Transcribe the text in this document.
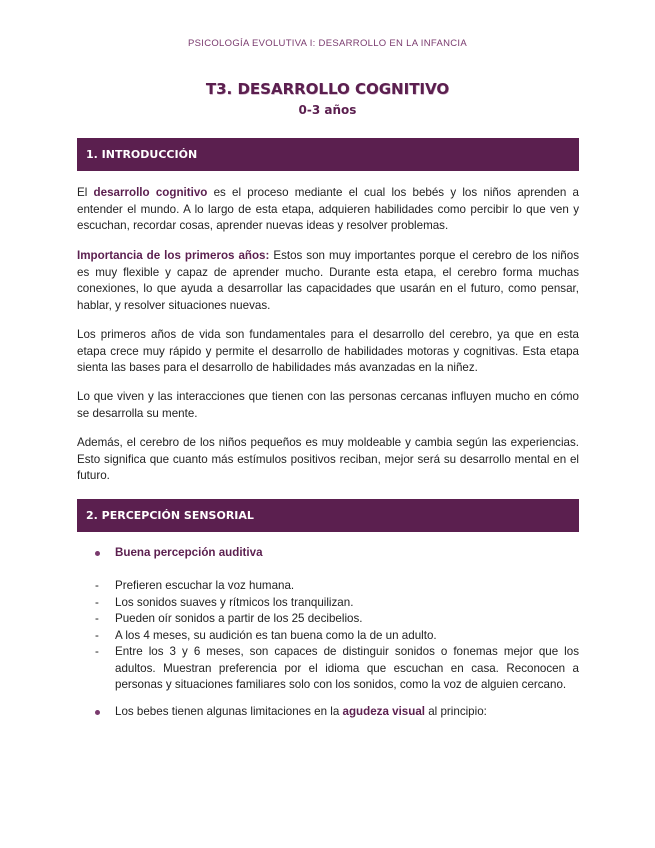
PSICOLOGÍA EVOLUTIVA I: DESARROLLO EN LA INFANCIA
T3. DESARROLLO COGNITIVO
0-3 años
1. INTRODUCCIÓN

El desarrollo cognitivo es el proceso mediante el cual los bebés y los niños aprenden a entender el mundo. A lo largo de esta etapa, adquieren habilidades como percibir lo que ven y escuchan, recordar cosas, aprender nuevas ideas y resolver problemas.

Importancia de los primeros años: Estos son muy importantes porque el cerebro de los niños es muy flexible y capaz de aprender mucho. Durante esta etapa, el cerebro forma muchas conexiones, lo que ayuda a desarrollar las capacidades que usarán en el futuro, como pensar, hablar, y resolver situaciones nuevas.

Los primeros años de vida son fundamentales para el desarrollo del cerebro, ya que en esta etapa crece muy rápido y permite el desarrollo de habilidades motoras y cognitivas. Esta etapa sienta las bases para el desarrollo de habilidades más avanzadas en la niñez.

Lo que viven y las interacciones que tienen con las personas cercanas influyen mucho en cómo se desarrolla su mente.

Además, el cerebro de los niños pequeños es muy moldeable y cambia según las experiencias. Esto significa que cuanto más estímulos positivos reciban, mejor será su desarrollo mental en el futuro.

2. PERCEPCIÓN SENSORIAL
Buena percepción auditiva
- Prefieren escuchar la voz humana.
- Los sonidos suaves y rítmicos los tranquilizan.
- Pueden oír sonidos a partir de los 25 decibelios.
- A los 4 meses, su audición es tan buena como la de un adulto.
- Entre los 3 y 6 meses, son capaces de distinguir sonidos o fonemas mejor que los adultos. Muestran preferencia por el idioma que escuchan en casa. Reconocen a personas y situaciones familiares solo con los sonidos, como la voz de alguien cercano.
Los bebes tienen algunas limitaciones en la agudeza visual al principio:
